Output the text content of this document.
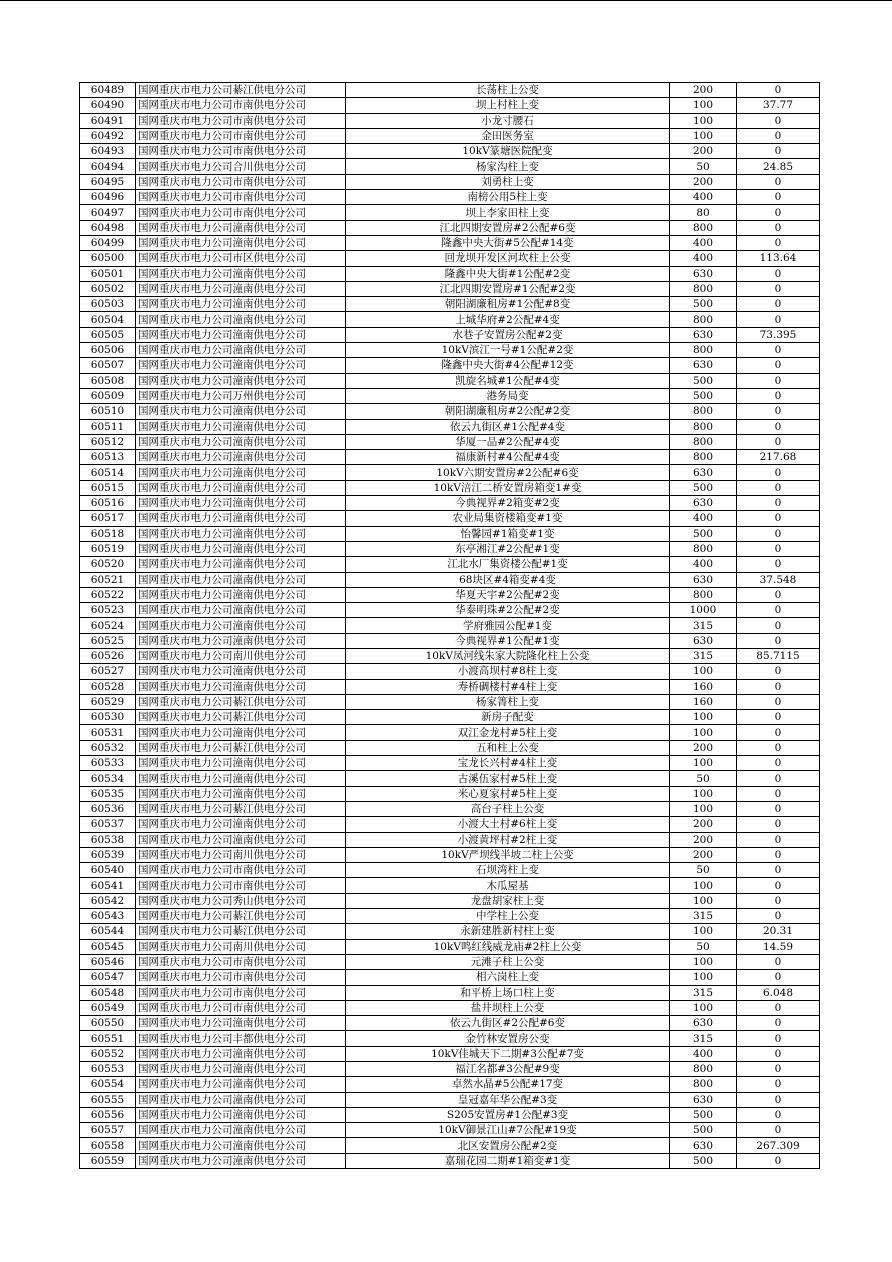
60489	国网重庆市电力公司綦江供电分公司	长荡柱上公变	200	0
60490	国网重庆市电力公司市南供电分公司	坝上村柱上变	100	37.77
60491	国网重庆市电力公司市南供电分公司	小龙寸腰石	100	0
60492	国网重庆市电力公司市南供电分公司	金田医务室	100	0
60493	国网重庆市电力公司市南供电分公司	10kV篆塘医院配变	200	0
60494	国网重庆市电力公司合川供电分公司	杨家沟柱上变	50	24.85
60495	国网重庆市电力公司市南供电分公司	刘勇柱上变	200	0
60496	国网重庆市电力公司市南供电分公司	南榜公用5柱上变	400	0
60497	国网重庆市电力公司市南供电分公司	坝上李家田柱上变	80	0
60498	国网重庆市电力公司潼南供电分公司	江北四期安置房#2公配#6变	800	0
60499	国网重庆市电力公司潼南供电分公司	隆鑫中央大街#5公配#14变	400	0
60500	国网重庆市电力公司市区供电分公司	回龙坝开发区河坎柱上公变	400	113.64
60501	国网重庆市电力公司潼南供电分公司	隆鑫中央大街#1公配#2变	630	0
60502	国网重庆市电力公司潼南供电分公司	江北四期安置房#1公配#2变	800	0
60503	国网重庆市电力公司潼南供电分公司	朝阳湖廉租房#1公配#8变	500	0
60504	国网重庆市电力公司潼南供电分公司	上城华府#2公配#4变	800	0
60505	国网重庆市电力公司潼南供电分公司	水巷子安置房公配#2变	630	73.395
60506	国网重庆市电力公司潼南供电分公司	10kV滨江一号#1公配#2变	800	0
60507	国网重庆市电力公司潼南供电分公司	隆鑫中央大街#4公配#12变	630	0
60508	国网重庆市电力公司潼南供电分公司	凯旋名城#1公配#4变	500	0
60509	国网重庆市电力公司万州供电分公司	港务局变	500	0
60510	国网重庆市电力公司潼南供电分公司	朝阳湖廉租房#2公配#2变	800	0
60511	国网重庆市电力公司潼南供电分公司	依云九街区#1公配#4变	800	0
60512	国网重庆市电力公司潼南供电分公司	华厦一品#2公配#4变	800	0
60513	国网重庆市电力公司潼南供电分公司	福康新村#4公配#4变	800	217.68
60514	国网重庆市电力公司潼南供电分公司	10kV六期安置房#2公配#6变	630	0
60515	国网重庆市电力公司潼南供电分公司	10kV涪江二桥安置房箱变1#变	500	0
60516	国网重庆市电力公司潼南供电分公司	今典视界#2箱变#2变	630	0
60517	国网重庆市电力公司潼南供电分公司	农业局集资楼箱变#1变	400	0
60518	国网重庆市电力公司潼南供电分公司	怡馨园#1箱变#1变	500	0
60519	国网重庆市电力公司潼南供电分公司	东亭湘江#2公配#1变	800	0
60520	国网重庆市电力公司潼南供电分公司	江北水厂集资楼公配#1变	400	0
60521	国网重庆市电力公司潼南供电分公司	68块区#4箱变#4变	630	37.548
60522	国网重庆市电力公司潼南供电分公司	华夏天宇#2公配#2变	800	0
60523	国网重庆市电力公司潼南供电分公司	华泰明珠#2公配#2变	1000	0
60524	国网重庆市电力公司潼南供电分公司	学府雅园公配#1变	315	0
60525	国网重庆市电力公司潼南供电分公司	今典视界#1公配#1变	630	0
60526	国网重庆市电力公司南川供电分公司	10kV凤河线朱家大院隆化柱上公变	315	85.7115
60527	国网重庆市电力公司潼南供电分公司	小渡高坝村#8柱上变	100	0
60528	国网重庆市电力公司潼南供电分公司	寿桥碉楼村#4柱上变	160	0
60529	国网重庆市电力公司綦江供电分公司	杨家箐柱上变	160	0
60530	国网重庆市电力公司綦江供电分公司	新房子配变	100	0
60531	国网重庆市电力公司潼南供电分公司	双江金龙村#5柱上变	100	0
60532	国网重庆市电力公司綦江供电分公司	五和柱上公变	200	0
60533	国网重庆市电力公司潼南供电分公司	宝龙长兴村#4柱上变	100	0
60534	国网重庆市电力公司潼南供电分公司	古溪伍家村#5柱上变	50	0
60535	国网重庆市电力公司潼南供电分公司	米心夏家村#5柱上变	100	0
60536	国网重庆市电力公司綦江供电分公司	高台子柱上公变	100	0
60537	国网重庆市电力公司潼南供电分公司	小渡大土村#6柱上变	200	0
60538	国网重庆市电力公司潼南供电分公司	小渡黄坪村#2柱上变	200	0
60539	国网重庆市电力公司南川供电分公司	10kV严坝线半坡二柱上公变	200	0
60540	国网重庆市电力公司市南供电分公司	石坝湾柱上变	50	0
60541	国网重庆市电力公司市南供电分公司	木瓜屋基	100	0
60542	国网重庆市电力公司秀山供电分公司	龙盘胡家柱上变	100	0
60543	国网重庆市电力公司綦江供电分公司	中学柱上公变	315	0
60544	国网重庆市电力公司綦江供电分公司	永新建胜新村柱上变	100	20.31
60545	国网重庆市电力公司南川供电分公司	10kV鸣红线威龙庙#2柱上公变	50	14.59
60546	国网重庆市电力公司市南供电分公司	元滩子柱上公变	100	0
60547	国网重庆市电力公司市南供电分公司	相六岗柱上变	100	0
60548	国网重庆市电力公司市南供电分公司	和平桥上场口柱上变	315	6.048
60549	国网重庆市电力公司市南供电分公司	盐井坝柱上公变	100	0
60550	国网重庆市电力公司潼南供电分公司	依云九街区#2公配#6变	630	0
60551	国网重庆市电力公司丰都供电分公司	金竹林安置房公变	315	0
60552	国网重庆市电力公司潼南供电分公司	10kV佳城天下二期#3公配#7变	400	0
60553	国网重庆市电力公司潼南供电分公司	福江名都#3公配#9变	800	0
60554	国网重庆市电力公司潼南供电分公司	卓然水晶#5公配#17变	800	0
60555	国网重庆市电力公司潼南供电分公司	皇冠嘉年华公配#3变	630	0
60556	国网重庆市电力公司潼南供电分公司	S205安置房#1公配#3变	500	0
60557	国网重庆市电力公司潼南供电分公司	10kV御景江山#7公配#19变	500	0
60558	国网重庆市电力公司潼南供电分公司	北区安置房公配#2变	630	267.309
60559	国网重庆市电力公司潼南供电分公司	嘉瑞花园二期#1箱变#1变	500	0
